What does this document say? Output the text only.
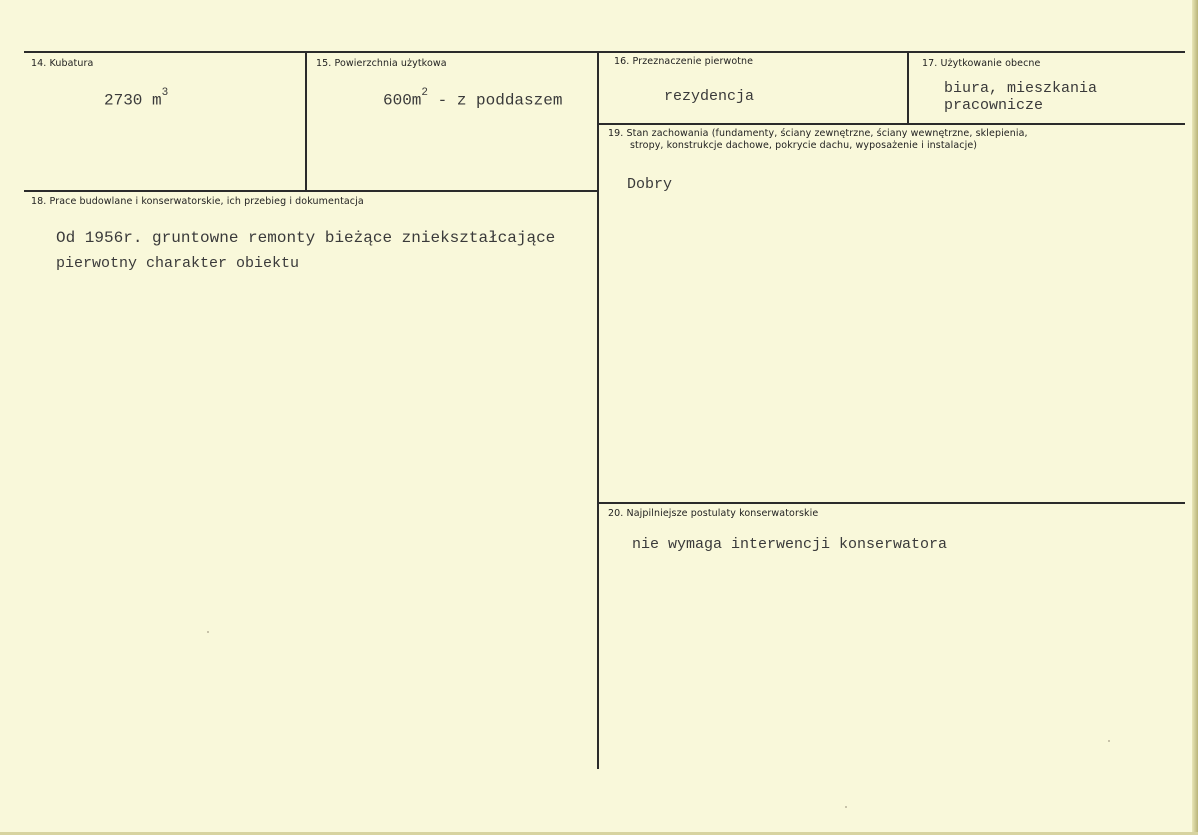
14. Kubatura
2730 $m^3$
15. Powierzchnia użytkowa
$600m^2$ - z poddaszem
16. Przeznaczenie pierwotne
rezydencja
17. Użytkowanie obecne
biura, mieszkania
pracownicze
19. Stan zachowania (fundamenty, ściany zewnętrzne, ściany wewnętrzne, sklepienia,
stropy, konstrukcje dachowe, pokrycie dachu, wyposażenie i instalacje)
Dobry
18. Prace budowlane i konserwatorskie, ich przebieg i dokumentacja
Od 1956r. gruntowne remonty bieżące zniekształcające
pierwotny charakter obiektu
20. Najpilniejsze postulaty konserwatorskie
nie wymaga interwencji konserwatora
